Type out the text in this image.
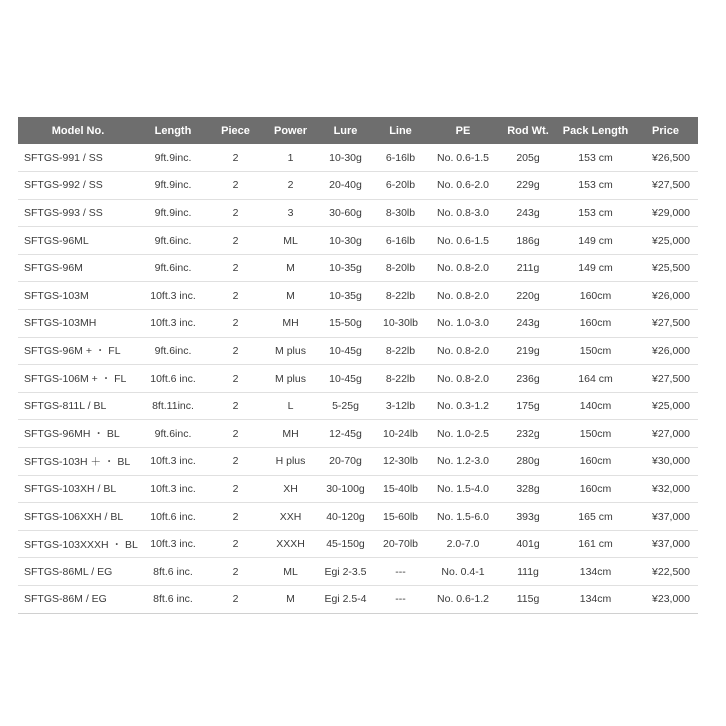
Model No.	Length	Piece	Power	Lure	Line	PE	Rod Wt.	Pack Length	Price
SFTGS-991 / SS	9ft.9inc.	2	1	10-30g	6-16lb	No. 0.6-1.5	205g	153 cm	¥26,500
SFTGS-992 / SS	9ft.9inc.	2	2	20-40g	6-20lb	No. 0.6-2.0	229g	153 cm	¥27,500
SFTGS-993 / SS	9ft.9inc.	2	3	30-60g	8-30lb	No. 0.8-3.0	243g	153 cm	¥29,000
SFTGS-96ML	9ft.6inc.	2	ML	10-30g	6-16lb	No. 0.6-1.5	186g	149 cm	¥25,000
SFTGS-96M	9ft.6inc.	2	M	10-35g	8-20lb	No. 0.8-2.0	211g	149 cm	¥25,500
SFTGS-103M	10ft.3 inc.	2	M	10-35g	8-22lb	No. 0.8-2.0	220g	160cm	¥26,000
SFTGS-103MH	10ft.3 inc.	2	MH	15-50g	10-30lb	No. 1.0-3.0	243g	160cm	¥27,500
SFTGS-96M + ・ FL	9ft.6inc.	2	M plus	10-45g	8-22lb	No. 0.8-2.0	219g	150cm	¥26,000
SFTGS-106M + ・ FL	10ft.6 inc.	2	M plus	10-45g	8-22lb	No. 0.8-2.0	236g	164 cm	¥27,500
SFTGS-811L / BL	8ft.11inc.	2	L	5-25g	3-12lb	No. 0.3-1.2	175g	140cm	¥25,000
SFTGS-96MH ・ BL	9ft.6inc.	2	MH	12-45g	10-24lb	No. 1.0-2.5	232g	150cm	¥27,000
SFTGS-103H ＋ ・ BL	10ft.3 inc.	2	H plus	20-70g	12-30lb	No. 1.2-3.0	280g	160cm	¥30,000
SFTGS-103XH / BL	10ft.3 inc.	2	XH	30-100g	15-40lb	No. 1.5-4.0	328g	160cm	¥32,000
SFTGS-106XXH / BL	10ft.6 inc.	2	XXH	40-120g	15-60lb	No. 1.5-6.0	393g	165 cm	¥37,000
SFTGS-103XXXH ・ BL	10ft.3 inc.	2	XXXH	45-150g	20-70lb	2.0-7.0	401g	161 cm	¥37,000
SFTGS-86ML / EG	8ft.6 inc.	2	ML	Egi 2-3.5	---	No. 0.4-1	111g	134cm	¥22,500
SFTGS-86M / EG	8ft.6 inc.	2	M	Egi 2.5-4	---	No. 0.6-1.2	115g	134cm	¥23,000
